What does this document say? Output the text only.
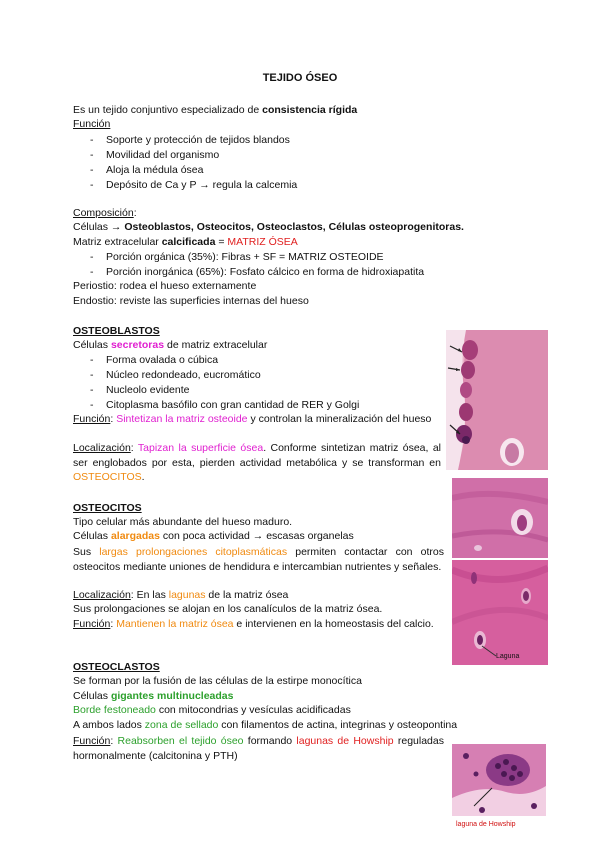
TEJIDO ÓSEO
Es un tejido conjuntivo especializado de consistencia rígida
Función
- Soporte y protección de tejidos blandos
- Movilidad del organismo
- Aloja la médula ósea
- Depósito de Ca y P → regula la calcemia
Composición:
Células → Osteoblastos, Osteocitos, Osteoclastos, Células osteoprogenitoras.
Matriz extracelular calcificada = MATRIZ ÓSEA
- Porción orgánica (35%): Fibras + SF = MATRIZ OSTEOIDE
- Porción inorgánica (65%): Fosfato cálcico en forma de hidroxiapatita
Periostio: rodea el hueso externamente
Endostio: reviste las superficies internas del hueso
OSTEOBLASTOS
Células secretoras de matriz extracelular
- Forma ovalada o cúbica
- Núcleo redondeado, eucromático
- Nucleolo evidente
- Citoplasma basófilo con gran cantidad de RER y Golgi
Función: Sintetizan la matriz osteoide y controlan la mineralización del hueso
Localización: Tapizan la superficie ósea. Conforme sintetizan matriz ósea, al ser englobados por esta, pierden actividad metabólica y se transforman en OSTEOCITOS.
OSTEOCITOS
Tipo celular más abundante del hueso maduro.
Células alargadas con poca actividad → escasas organelas
Sus largas prolongaciones citoplasmáticas permiten contactar con otros osteocitos mediante uniones de hendidura e intercambian nutrientes y señales.
Localización: En las lagunas de la matriz ósea
Sus prolongaciones se alojan en los canalículos de la matriz ósea.
Función: Mantienen la matriz ósea e intervienen en la homeostasis del calcio.
Laguna
OSTEOCLASTOS
Se forman por la fusión de las células de la estirpe monocítica
Células gigantes multinucleadas
Borde festoneado con mitocondrias y vesículas acidificadas
A ambos lados zona de sellado con filamentos de actina, integrinas y osteopontina
Función: Reabsorben el tejido óseo formando lagunas de Howship reguladas hormonalmente (calcitonina y PTH)
laguna de Howship
